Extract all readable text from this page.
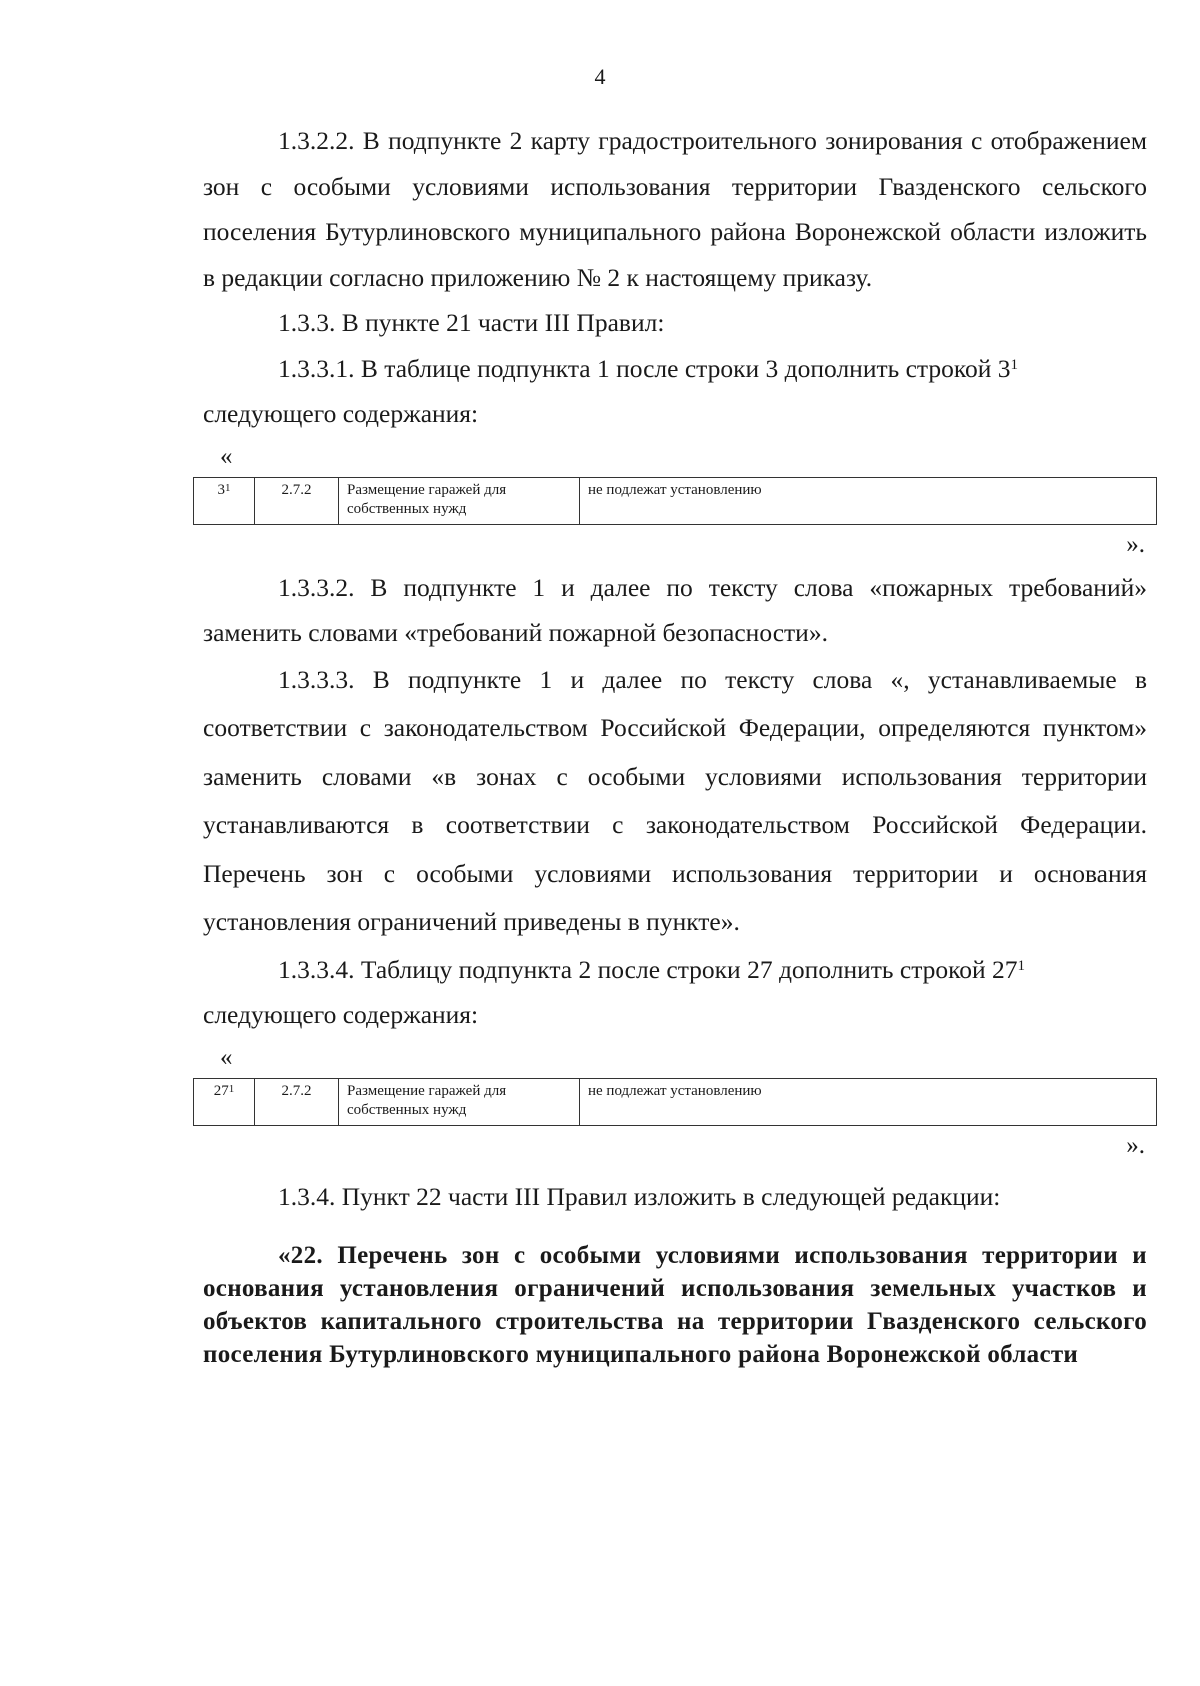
4

1.3.2.2. В подпункте 2 карту градостроительного зонирования с отображением зон с особыми условиями использования территории Гвазденского сельского поселения Бутурлиновского муниципального района Воронежской области изложить в редакции согласно приложению № 2 к настоящему приказу.

1.3.3. В пункте 21 части III Правил:

1.3.3.1. В таблице подпункта 1 после строки 3 дополнить строкой $3^1$
следующего содержания:

«

$3^1$	2.7.2	Размещение гаражей для собственных нужд	не подлежат установлению

».

1.3.3.2. В подпункте 1 и далее по тексту слова «пожарных требований» заменить словами «требований пожарной безопасности».

1.3.3.3. В подпункте 1 и далее по тексту слова «, устанавливаемые в соответствии с законодательством Российской Федерации, определяются пунктом» заменить словами «в зонах с особыми условиями использования территории устанавливаются в соответствии с законодательством Российской Федерации. Перечень зон с особыми условиями использования территории и основания установления ограничений приведены в пункте».

1.3.3.4. Таблицу подпункта 2 после строки 27 дополнить строкой $27^1$
следующего содержания:

«

$27^1$	2.7.2	Размещение гаражей для собственных нужд	не подлежат установлению

».

1.3.4. Пункт 22 части III Правил изложить в следующей редакции:

«22. Перечень зон с особыми условиями использования территории и основания установления ограничений использования земельных участков и объектов капитального строительства на территории Гвазденского сельского поселения Бутурлиновского муниципального района Воронежской области
